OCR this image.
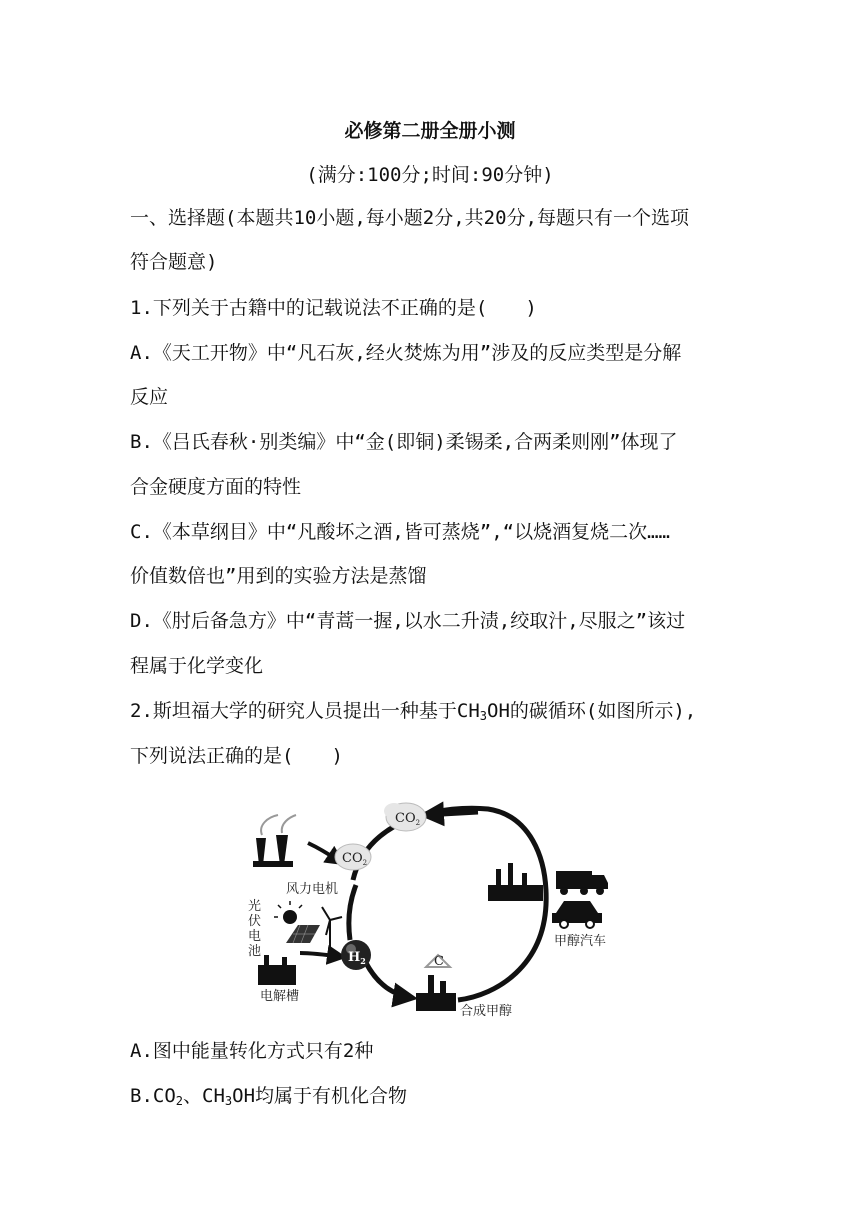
必修第二册全册小测
(满分:100分;时间:90分钟)
一、选择题(本题共10小题,每小题2分,共20分,每题只有一个选项
符合题意)
1.下列关于古籍中的记载说法不正确的是(　　)
A.《天工开物》中“凡石灰,经火焚炼为用”涉及的反应类型是分解
反应
B.《吕氏春秋·别类编》中“金(即铜)柔锡柔,合两柔则刚”体现了
合金硬度方面的特性
C.《本草纲目》中“凡酸坏之酒,皆可蒸烧”,“以烧酒复烧二次……
价值数倍也”用到的实验方法是蒸馏
D.《肘后备急方》中“青蒿一握,以水二升渍,绞取汁,尽服之”该过
程属于化学变化
2.斯坦福大学的研究人员提出一种基于$CH_3OH$的碳循环(如图所示),
下列说法正确的是(　　)
$CO_2$
$CO_2$
风力电机
光
伏
电
池
电解槽
$H_2$	C
合成甲醇
甲醇汽车
A.图中能量转化方式只有2种
$B.CO_2$、$CH_3OH$均属于有机化合物
